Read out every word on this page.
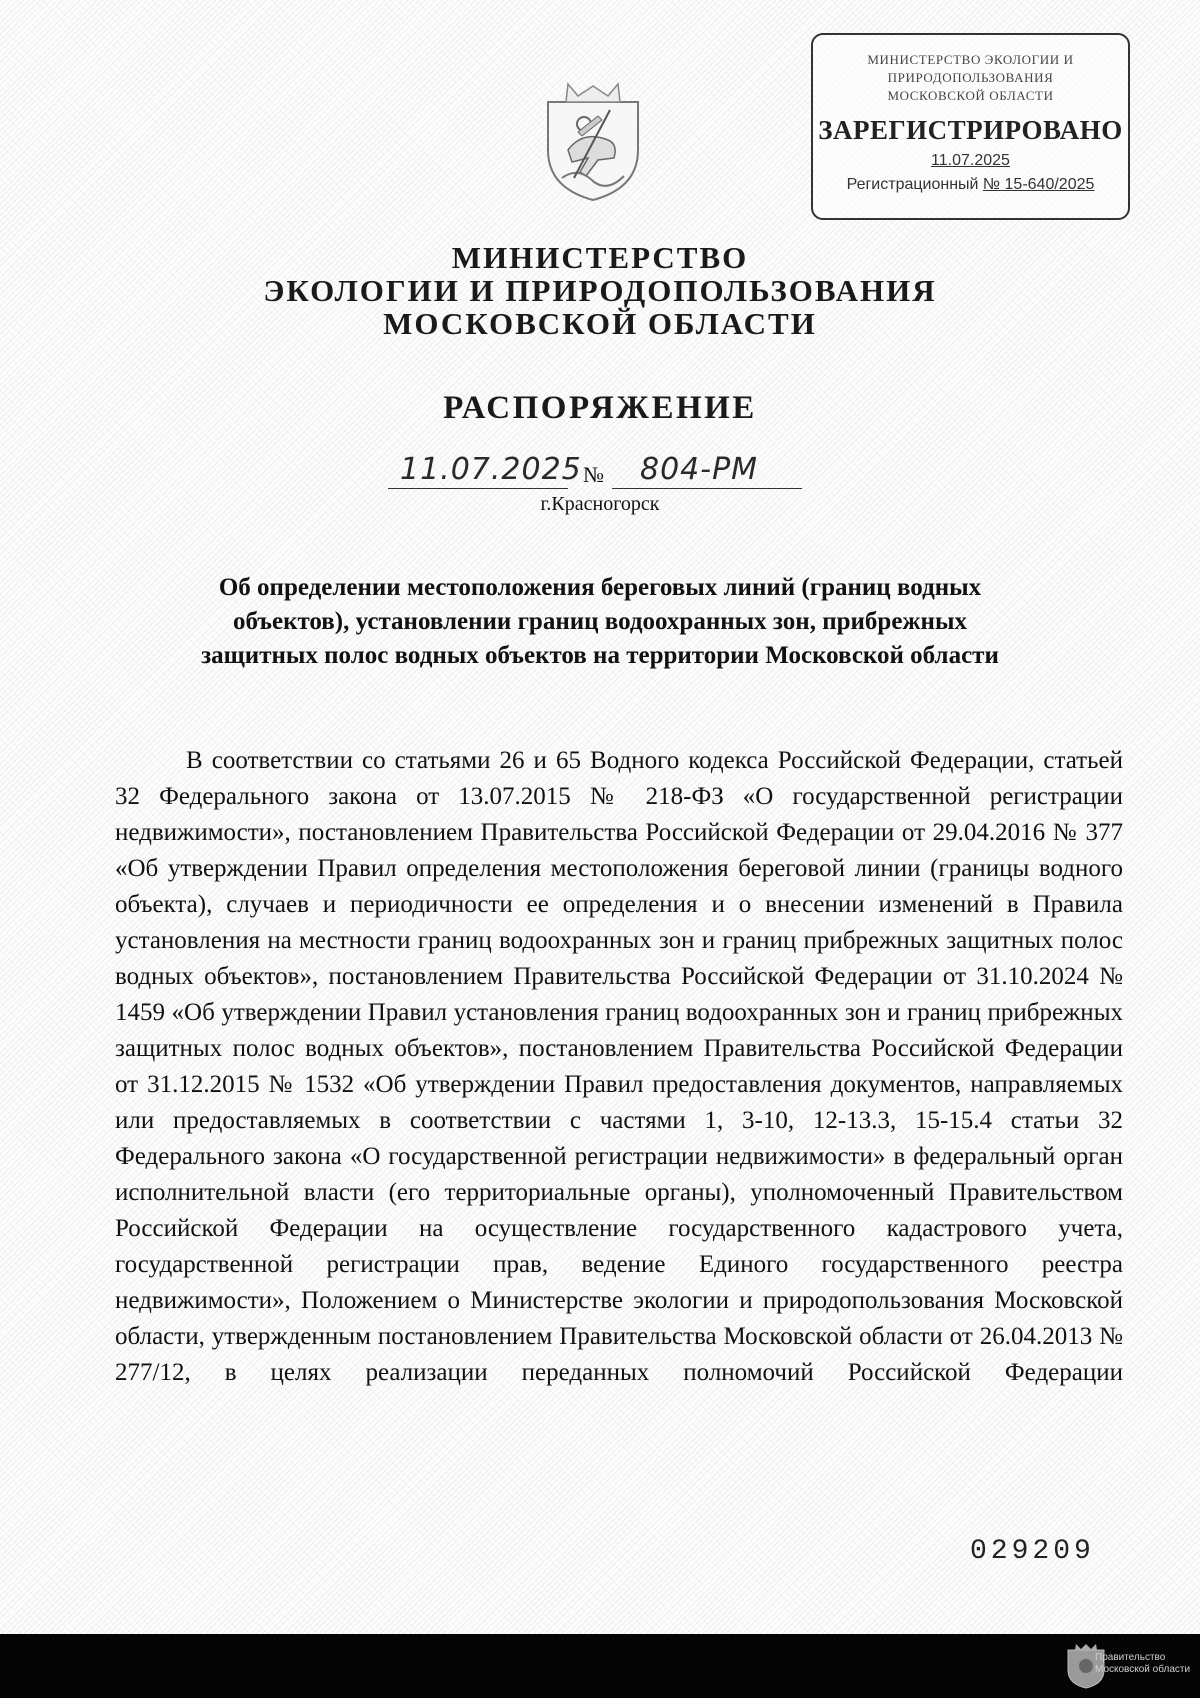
МИНИСТЕРСТВО ЭКОЛОГИИ И
ПРИРОДОПОЛЬЗОВАНИЯ
МОСКОВСКОЙ ОБЛАСТИ
ЗАРЕГИСТРИРОВАНО
11.07.2025
Регистрационный № 15-640/2025
МИНИСТЕРСТВО
ЭКОЛОГИИ И ПРИРОДОПОЛЬЗОВАНИЯ
МОСКОВСКОЙ ОБЛАСТИ
РАСПОРЯЖЕНИЕ
11.07.2025 № 804-РМ
г.Красногорск
Об определении местоположения береговых линий (границ водных объектов), установлении границ водоохранных зон, прибрежных защитных полос водных объектов на территории Московской области

В соответствии со статьями 26 и 65 Водного кодекса Российской Федерации, статьей 32 Федерального закона от 13.07.2015 № 218-ФЗ «О государственной регистрации недвижимости», постановлением Правительства Российской Федерации от 29.04.2016 № 377 «Об утверждении Правил определения местоположения береговой линии (границы водного объекта), случаев и периодичности ее определения и о внесении изменений в Правила установления на местности границ водоохранных зон и границ прибрежных защитных полос водных объектов», постановлением Правительства Российской Федерации от 31.10.2024 № 1459 «Об утверждении Правил установления границ водоохранных зон и границ прибрежных защитных полос водных объектов», постановлением Правительства Российской Федерации от 31.12.2015 № 1532 «Об утверждении Правил предоставления документов, направляемых или предоставляемых в соответствии с частями 1, 3-10, 12-13.3, 15-15.4 статьи 32 Федерального закона «О государственной регистрации недвижимости» в федеральный орган исполнительной власти (его территориальные органы), уполномоченный Правительством Российской Федерации на осуществление государственного кадастрового учета, государственной регистрации прав, ведение Единого государственного реестра недвижимости», Положением о Министерстве экологии и природопользования Московской области, утвержденным постановлением Правительства Московской области от 26.04.2013 № 277/12, в целях реализации переданных полномочий Российской Федерации

029209
Правительство
Московской области
